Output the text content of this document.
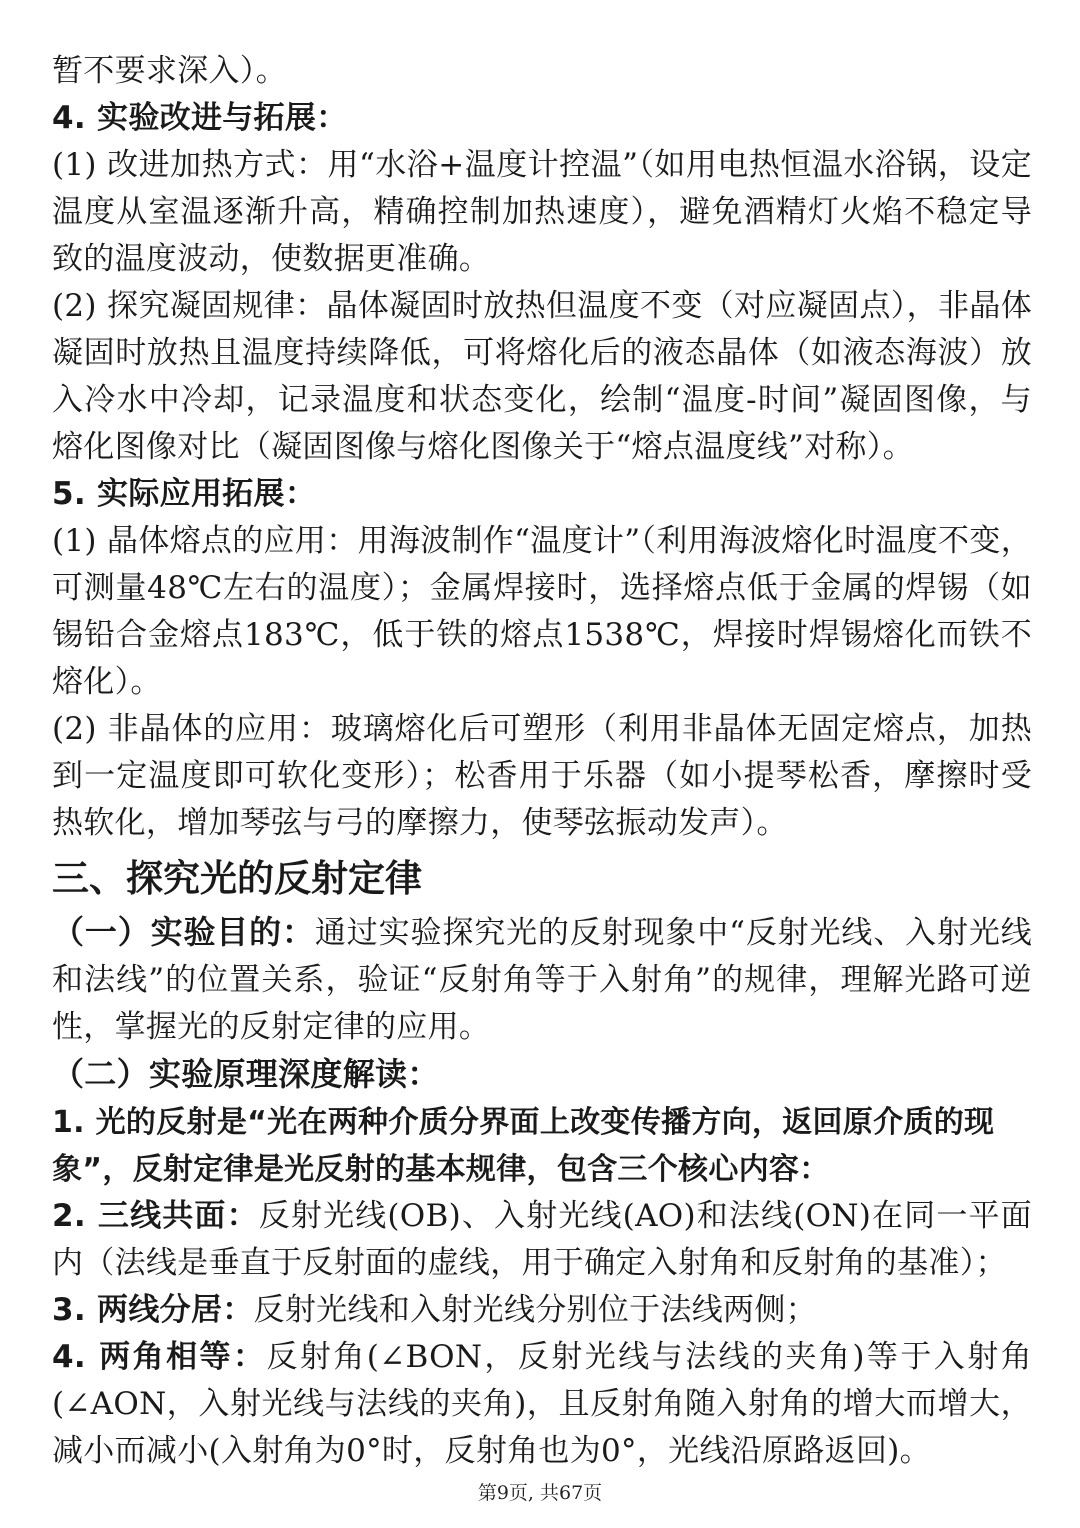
暂不要求深入）。

4. 实验改进与拓展：

(1) 改进加热方式：用“水浴+温度计控温”（如用电热恒温水浴锅，设定温度从室温逐渐升高，精确控制加热速度），避免酒精灯火焰不稳定导致的温度波动，使数据更准确。

(2) 探究凝固规律：晶体凝固时放热但温度不变（对应凝固点），非晶体凝固时放热且温度持续降低，可将熔化后的液态晶体（如液态海波）放入冷水中冷却，记录温度和状态变化，绘制“温度-时间”凝固图像，与熔化图像对比（凝固图像与熔化图像关于“熔点温度线”对称）。

5. 实际应用拓展：

(1) 晶体熔点的应用：用海波制作“温度计”（利用海波熔化时温度不变，可测量48℃左右的温度）；金属焊接时，选择熔点低于金属的焊锡（如锡铅合金熔点183℃，低于铁的熔点1538℃，焊接时焊锡熔化而铁不熔化）。

(2) 非晶体的应用：玻璃熔化后可塑形（利用非晶体无固定熔点，加热到一定温度即可软化变形）；松香用于乐器（如小提琴松香，摩擦时受热软化，增加琴弦与弓的摩擦力，使琴弦振动发声）。

三、探究光的反射定律

（一）实验目的：通过实验探究光的反射现象中“反射光线、入射光线和法线”的位置关系，验证“反射角等于入射角”的规律，理解光路可逆性，掌握光的反射定律的应用。

（二）实验原理深度解读：

1. 光的反射是“光在两种介质分界面上改变传播方向，返回原介质的现象”，反射定律是光反射的基本规律，包含三个核心内容：

2. 三线共面：反射光线(OB)、入射光线(AO)和法线(ON)在同一平面内（法线是垂直于反射面的虚线，用于确定入射角和反射角的基准）；

3. 两线分居：反射光线和入射光线分别位于法线两侧；

4. 两角相等：反射角(∠BON，反射光线与法线的夹角)等于入射角(∠AON，入射光线与法线的夹角)，且反射角随入射角的增大而增大，减小而减小(入射角为0°时，反射角也为0°，光线沿原路返回)。

第9页, 共67页
